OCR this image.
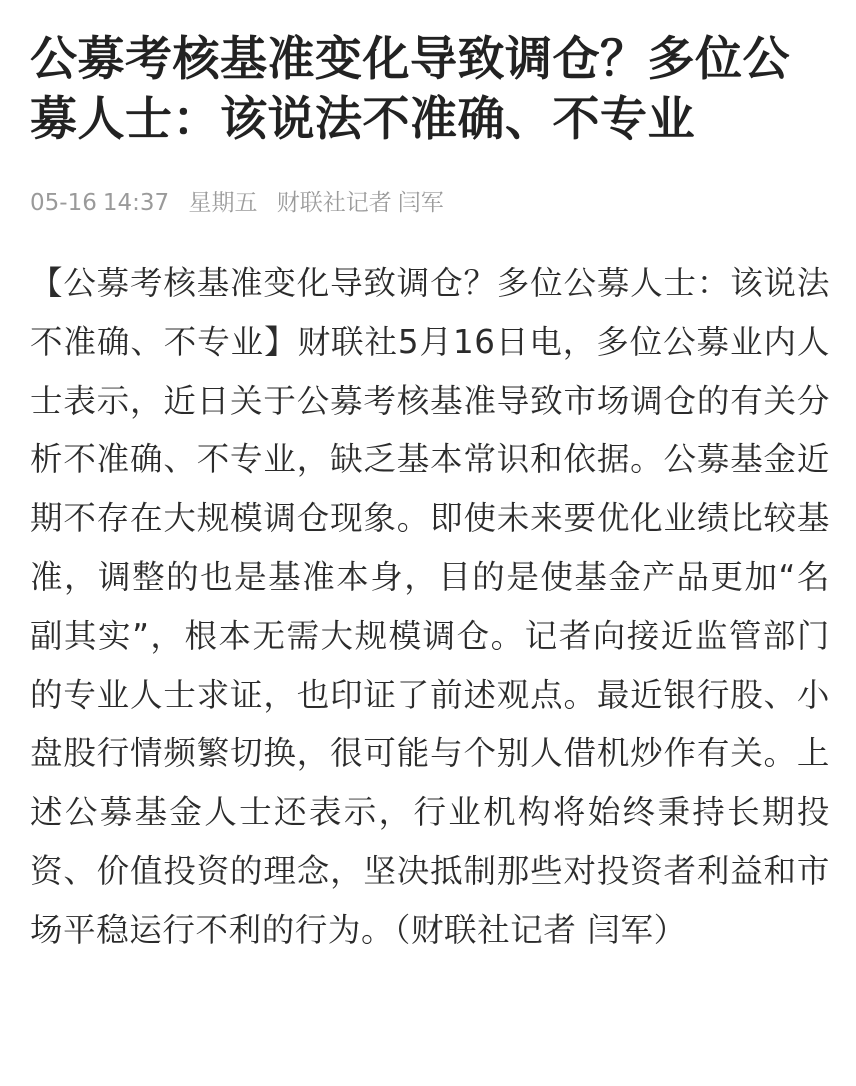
公募考核基准变化导致调仓？多位公募人士：该说法不准确、不专业
05-16 14:37 星期五 财联社记者 闫军

【公募考核基准变化导致调仓？多位公募人士：该说法不准确、不专业】财联社5月16日电，多位公募业内人士表示，近日关于公募考核基准导致市场调仓的有关分析不准确、不专业，缺乏基本常识和依据。公募基金近期不存在大规模调仓现象。即使未来要优化业绩比较基准，调整的也是基准本身，目的是使基金产品更加“名副其实”，根本无需大规模调仓。记者向接近监管部门的专业人士求证，也印证了前述观点。最近银行股、小盘股行情频繁切换，很可能与个别人借机炒作有关。上述公募基金人士还表示，行业机构将始终秉持长期投资、价值投资的理念，坚决抵制那些对投资者利益和市场平稳运行不利的行为。（财联社记者 闫军）
